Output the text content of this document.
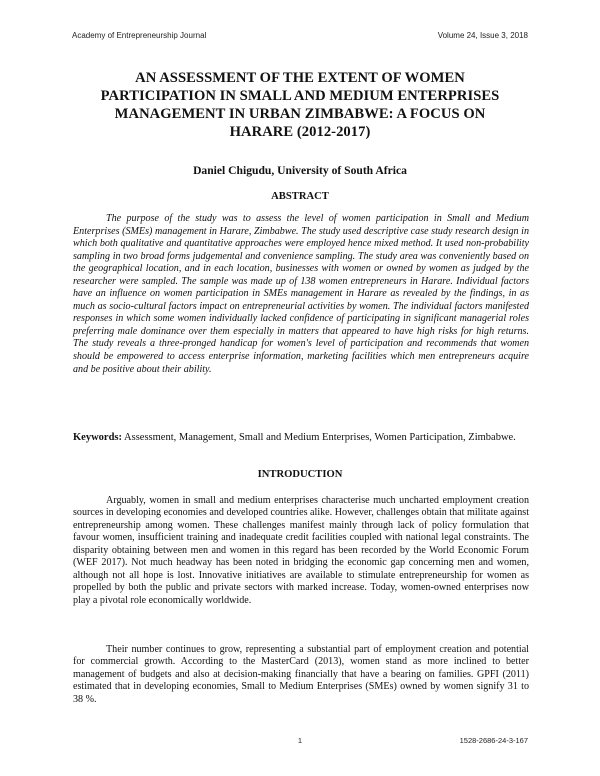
Academy of Entrepreneurship Journal	Volume 24, Issue 3, 2018
AN ASSESSMENT OF THE EXTENT OF WOMEN PARTICIPATION IN SMALL AND MEDIUM ENTERPRISES MANAGEMENT IN URBAN ZIMBABWE: A FOCUS ON HARARE (2012-2017)
Daniel Chigudu, University of South Africa
ABSTRACT

The purpose of the study was to assess the level of women participation in Small and Medium Enterprises (SMEs) management in Harare, Zimbabwe. The study used descriptive case study research design in which both qualitative and quantitative approaches were employed hence mixed method. It used non-probability sampling in two broad forms judgemental and convenience sampling. The study area was conveniently based on the geographical location, and in each location, businesses with women or owned by women as judged by the researcher were sampled. The sample was made up of 138 women entrepreneurs in Harare. Individual factors have an influence on women participation in SMEs management in Harare as revealed by the findings, in as much as socio-cultural factors impact on entrepreneurial activities by women. The individual factors manifested responses in which some women individually lacked confidence of participating in significant managerial roles preferring male dominance over them especially in matters that appeared to have high risks for high returns. The study reveals a three-pronged handicap for women's level of participation and recommends that women should be empowered to access enterprise information, marketing facilities which men entrepreneurs acquire and be positive about their ability.

Keywords: Assessment, Management, Small and Medium Enterprises, Women Participation, Zimbabwe.

INTRODUCTION

Arguably, women in small and medium enterprises characterise much uncharted employment creation sources in developing economies and developed countries alike. However, challenges obtain that militate against entrepreneurship among women. These challenges manifest mainly through lack of policy formulation that favour women, insufficient training and inadequate credit facilities coupled with national legal constraints. The disparity obtaining between men and women in this regard has been recorded by the World Economic Forum (WEF 2017). Not much headway has been noted in bridging the economic gap concerning men and women, although not all hope is lost. Innovative initiatives are available to stimulate entrepreneurship for women as propelled by both the public and private sectors with marked increase. Today, women-owned enterprises now play a pivotal role economically worldwide.

Their number continues to grow, representing a substantial part of employment creation and potential for commercial growth. According to the MasterCard (2013), women stand as more inclined to better management of budgets and also at decision-making financially that have a bearing on families. GPFI (2011) estimated that in developing economies, Small to Medium Enterprises (SMEs) owned by women signify 31 to 38 %.

1	1528-2686-24-3-167
